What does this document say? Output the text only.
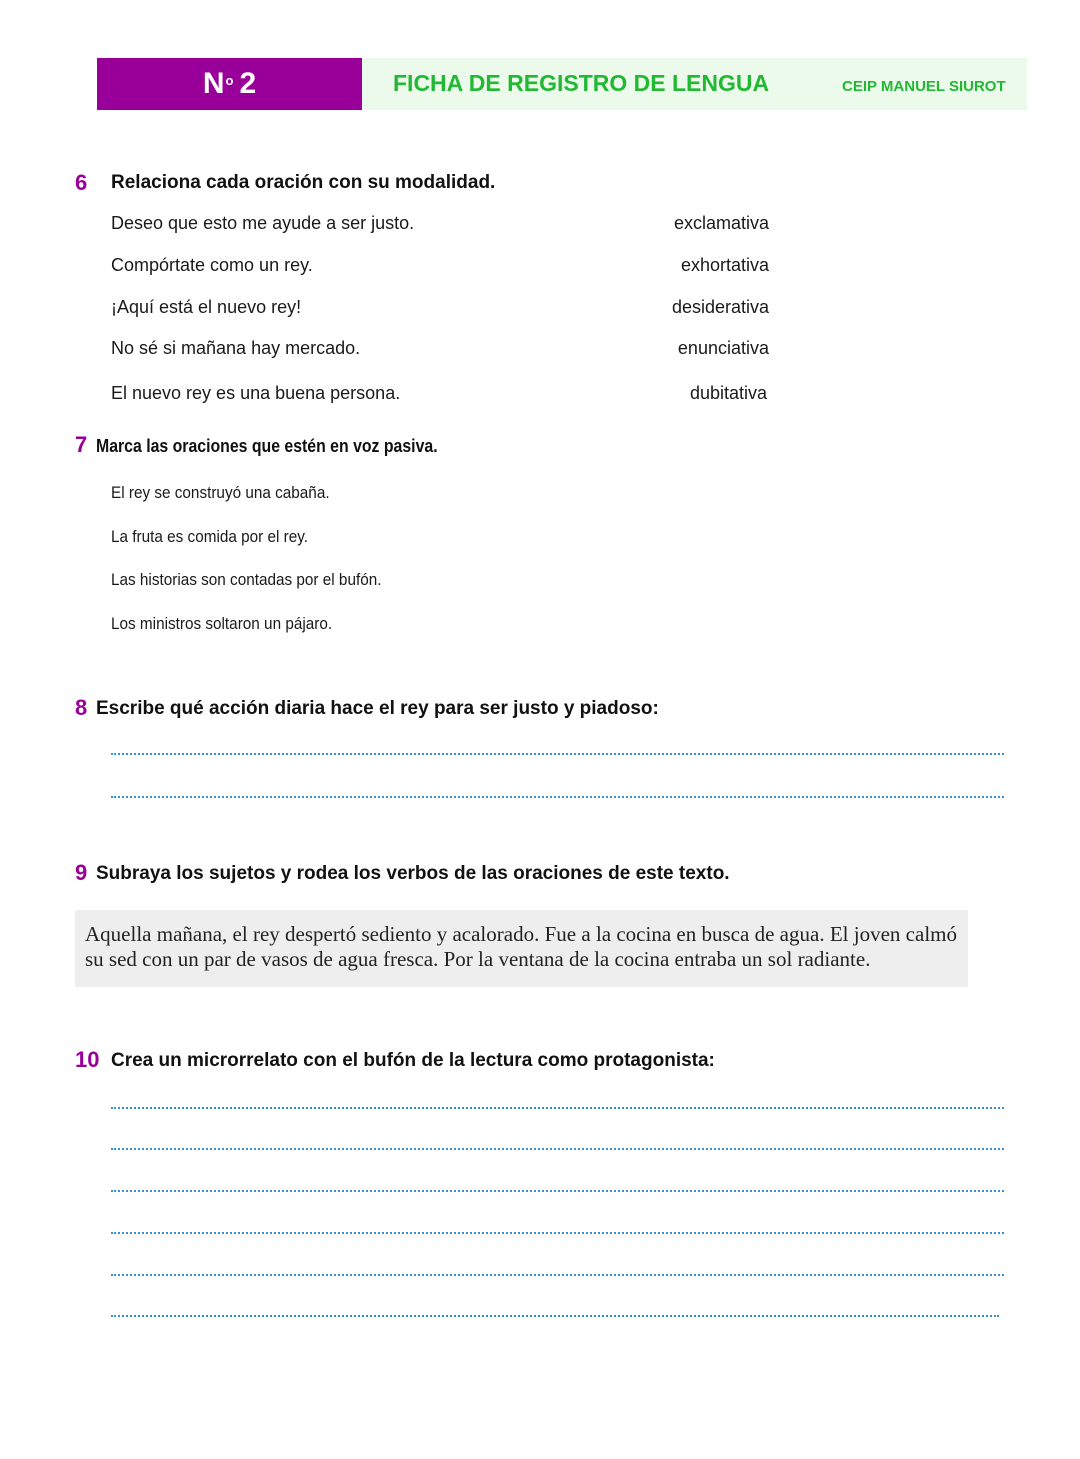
$N^o$ 2	FICHA DE REGISTRO DE LENGUA	CEIP MANUEL SIUROT
6 Relaciona cada oración con su modalidad.
Deseo que esto me ayude a ser justo.
Compórtate como un rey.
¡Aquí está el nuevo rey!
No sé si mañana hay mercado.
El nuevo rey es una buena persona.
exclamativa
exhortativa
desiderativa
enunciativa
dubitativa
7 Marca las oraciones que estén en voz pasiva.
El rey se construyó una cabaña.
La fruta es comida por el rey.
Las historias son contadas por el bufón.
Los ministros soltaron un pájaro.
8 Escribe qué acción diaria hace el rey para ser justo y piadoso:
9 Subraya los sujetos y rodea los verbos de las oraciones de este texto.

Aquella mañana, el rey despertó sediento y acalorado. Fue a la cocina en busca de agua. El joven calmó su sed con un par de vasos de agua fresca. Por la ventana de la cocina entraba un sol radiante.

10 Crea un microrrelato con el bufón de la lectura como protagonista:
